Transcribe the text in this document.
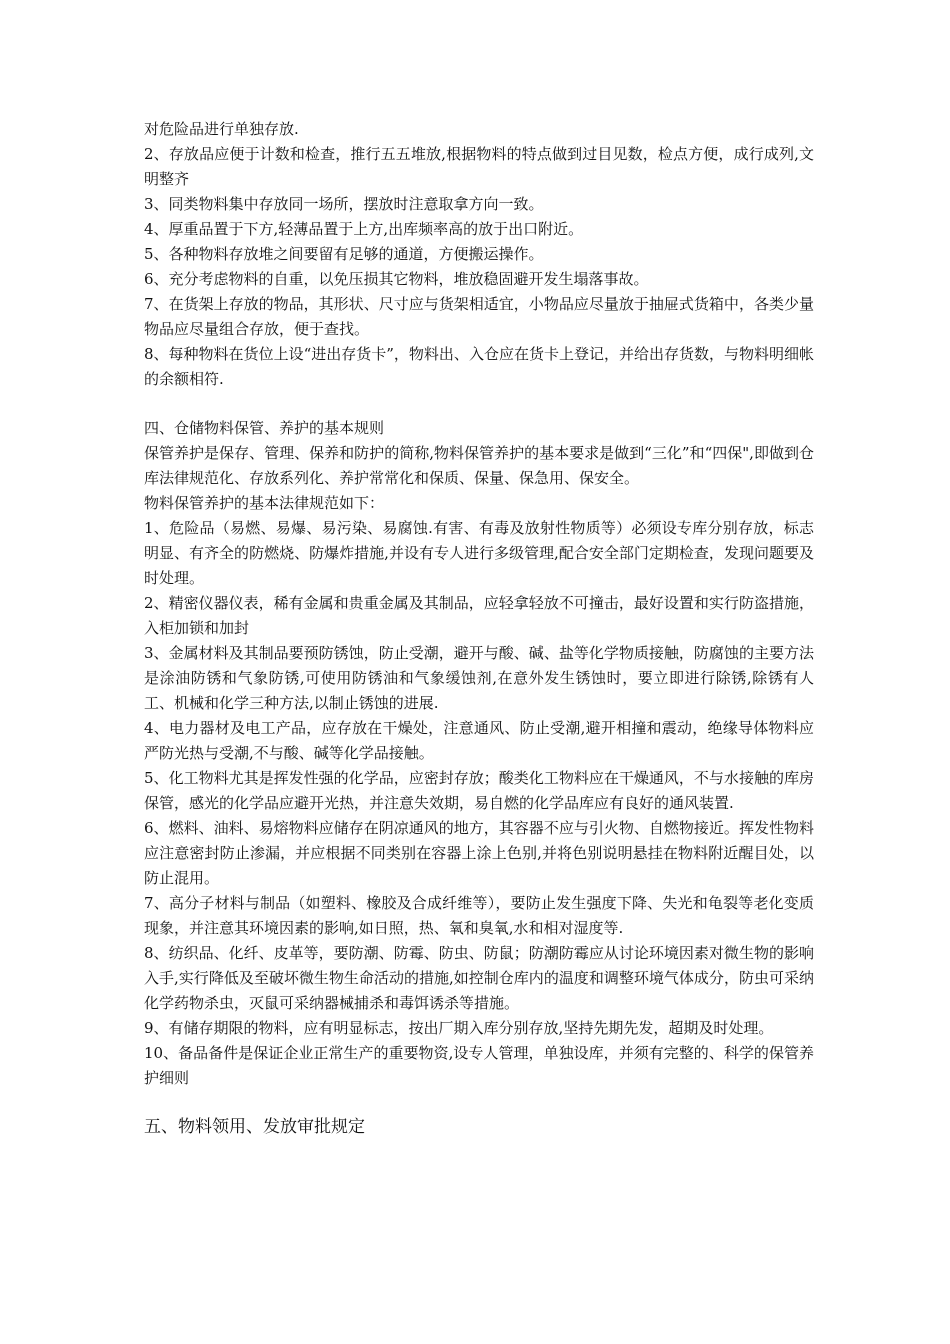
对危险品进行单独存放.

2、存放品应便于计数和检查，推行五五堆放,根据物料的特点做到过目见数，检点方便，成行成列,文明整齐

3、同类物料集中存放同一场所，摆放时注意取拿方向一致。

4、厚重品置于下方,轻薄品置于上方,出库频率高的放于出口附近。

5、各种物料存放堆之间要留有足够的通道，方便搬运操作。

6、充分考虑物料的自重，以免压损其它物料，堆放稳固避开发生塌落事故。

7、在货架上存放的物品，其形状、尺寸应与货架相适宜，小物品应尽量放于抽屉式货箱中，各类少量物品应尽量组合存放，便于查找。

8、每种物料在货位上设“进出存货卡”，物料出、入仓应在货卡上登记，并给出存货数，与物料明细帐的余额相符.

四、仓储物料保管、养护的基本规则

保管养护是保存、管理、保养和防护的简称,物料保管养护的基本要求是做到“三化”和“四保",即做到仓库法律规范化、存放系列化、养护常常化和保质、保量、保急用、保安全。

物料保管养护的基本法律规范如下：

1、危险品（易燃、易爆、易污染、易腐蚀.有害、有毒及放射性物质等）必须设专库分别存放，标志明显、有齐全的防燃烧、防爆炸措施,并设有专人进行多级管理,配合安全部门定期检查，发现问题要及时处理。

2、精密仪器仪表，稀有金属和贵重金属及其制品，应轻拿轻放不可撞击，最好设置和实行防盗措施，入柜加锁和加封

3、金属材料及其制品要预防锈蚀，防止受潮，避开与酸、碱、盐等化学物质接触，防腐蚀的主要方法是涂油防锈和气象防锈,可使用防锈油和气象缓蚀剂,在意外发生锈蚀时，要立即进行除锈,除锈有人工、机械和化学三种方法,以制止锈蚀的进展.

4、电力器材及电工产品，应存放在干燥处，注意通风、防止受潮,避开相撞和震动，绝缘导体物料应严防光热与受潮,不与酸、碱等化学品接触。

5、化工物料尤其是挥发性强的化学品，应密封存放；酸类化工物料应在干燥通风，不与水接触的库房保管，感光的化学品应避开光热，并注意失效期，易自燃的化学品库应有良好的通风装置.

6、燃料、油料、易熔物料应储存在阴凉通风的地方，其容器不应与引火物、自燃物接近。挥发性物料应注意密封防止渗漏，并应根据不同类别在容器上涂上色别,并将色别说明悬挂在物料附近醒目处，以防止混用。

7、高分子材料与制品（如塑料、橡胶及合成纤维等），要防止发生强度下降、失光和龟裂等老化变质现象，并注意其环境因素的影响,如日照，热、氧和臭氧,水和相对湿度等.

8、纺织品、化纤、皮革等，要防潮、防霉、防虫、防鼠；防潮防霉应从讨论环境因素对微生物的影响入手,实行降低及至破坏微生物生命活动的措施,如控制仓库内的温度和调整环境气体成分，防虫可采纳化学药物杀虫，灭鼠可采纳器械捕杀和毒饵诱杀等措施。

9、有储存期限的物料，应有明显标志，按出厂期入库分别存放,坚持先期先发，超期及时处理。

10、备品备件是保证企业正常生产的重要物资,设专人管理，单独设库，并须有完整的、科学的保管养护细则

五、物料领用、发放审批规定
